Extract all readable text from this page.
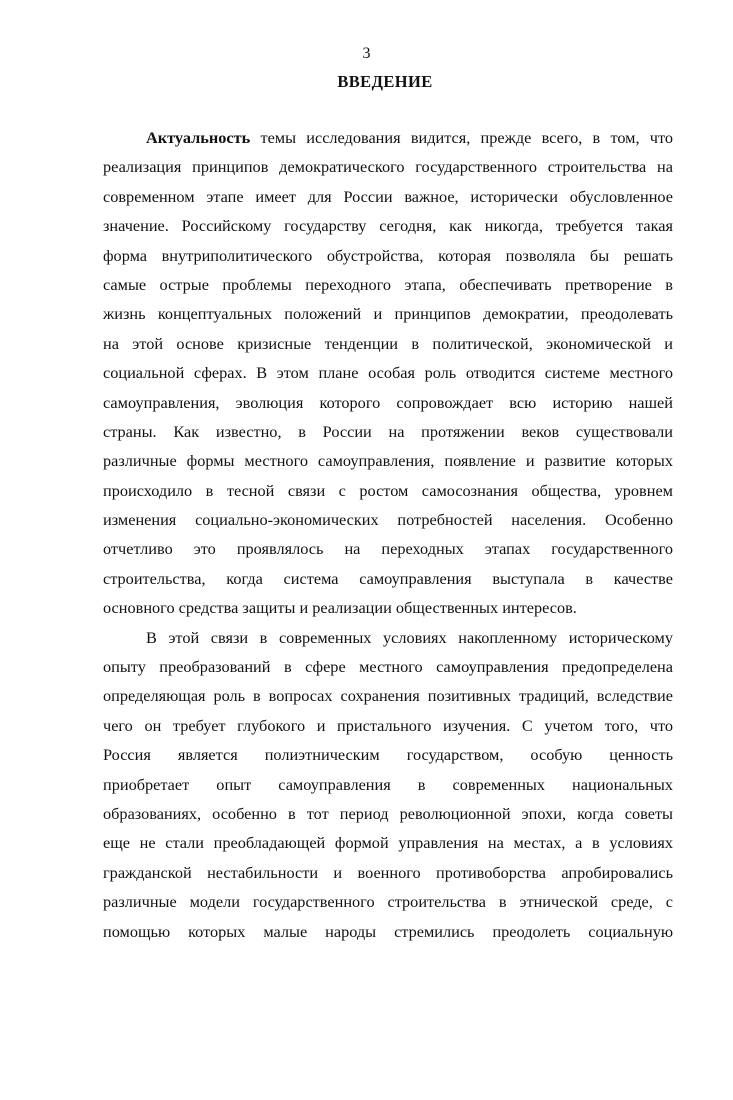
3
ВВЕДЕНИЕ
Актуальность темы исследования видится, прежде всего, в том, что
реализация принципов демократического государственного строительства на
современном этапе имеет для России важное, исторически обусловленное
значение. Российскому государству сегодня, как никогда, требуется такая
форма внутриполитического обустройства, которая позволяла бы решать
самые острые проблемы переходного этапа, обеспечивать претворение в
жизнь концептуальных положений и принципов демократии, преодолевать
на этой основе кризисные тенденции в политической, экономической и
социальной сферах. В этом плане особая роль отводится системе местного
самоуправления, эволюция которого сопровождает всю историю нашей
страны. Как известно, в России на протяжении веков существовали
различные формы местного самоуправления, появление и развитие которых
происходило в тесной связи с ростом самосознания общества, уровнем
изменения социально-экономических потребностей населения. Особенно
отчетливо это проявлялось на переходных этапах государственного
строительства, когда система самоуправления выступала в качестве
основного средства защиты и реализации общественных интересов.
В этой связи в современных условиях накопленному историческому
опыту преобразований в сфере местного самоуправления предопределена
определяющая роль в вопросах сохранения позитивных традиций, вследствие
чего он требует глубокого и пристального изучения. С учетом того, что
Россия является полиэтническим государством, особую ценность
приобретает опыт самоуправления в современных национальных
образованиях, особенно в тот период революционной эпохи, когда советы
еще не стали преобладающей формой управления на местах, а в условиях
гражданской нестабильности и военного противоборства апробировались
различные модели государственного строительства в этнической среде, с
помощью которых малые народы стремились преодолеть социальную
